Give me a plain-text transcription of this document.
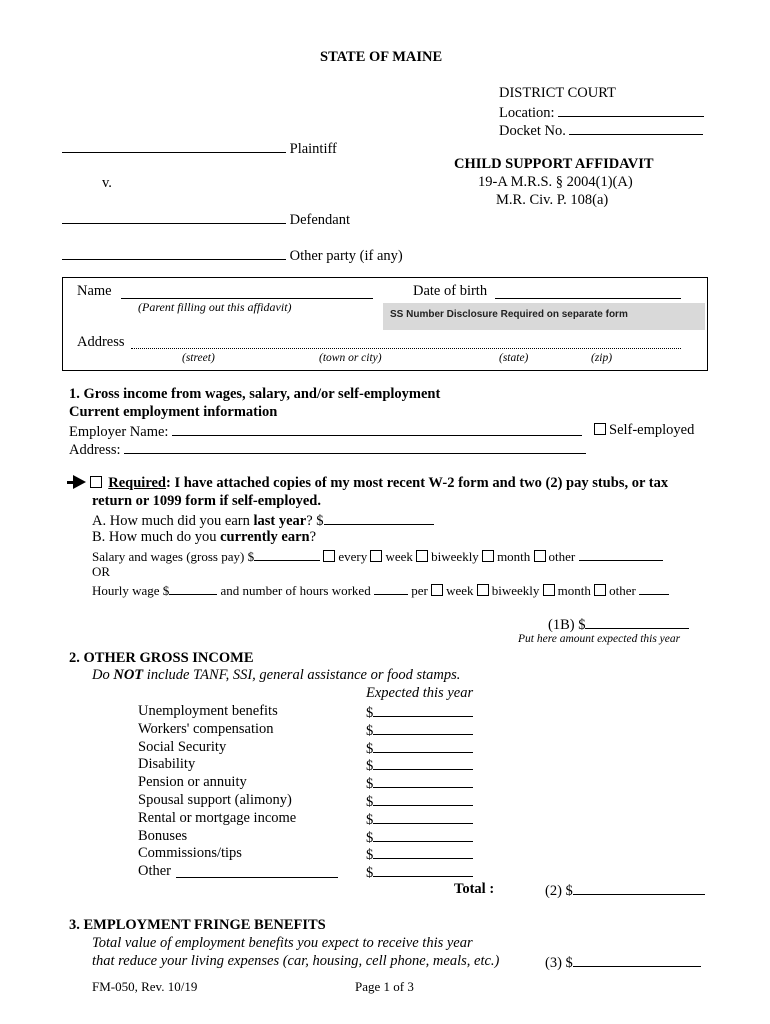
STATE OF MAINE
DISTRICT COURT
Location:
Docket No.
Plaintiff
CHILD SUPPORT AFFIDAVIT
v.	19-A M.R.S. § 2004(1)(A)
M.R. Civ. P. 108(a)
Defendant
Other party (if any)
Name
(Parent filling out this affidavit)
Date of birth
SS Number Disclosure Required on separate form
Address
(street)	(town or city)	(state)	(zip)
1. Gross income from wages, salary, and/or self-employment
Current employment information
Employer Name:	Self-employed
Address:
Required: I have attached copies of my most recent W-2 form and two (2) pay stubs, or tax
return or 1099 form if self-employed.
A. How much did you earn last year? $
B. How much do you currently earn?
Salary and wages (gross pay) $	every week biweekly month other
OR
Hourly wage $	and number of hours worked	per week biweekly month other
(1B) $
Put here amount expected this year
2. OTHER GROSS INCOME
Do NOT include TANF, SSI, general assistance or food stamps.
Expected this year
Unemployment benefits	$
Workers' compensation	$
Social Security	$
Disability	$
Pension or annuity	$
Spousal support (alimony)	$
Rental or mortgage income	$
Bonuses	$
Commissions/tips	$
Other	$
Total :	(2) $
3. EMPLOYMENT FRINGE BENEFITS
Total value of employment benefits you expect to receive this year
that reduce your living expenses (car, housing, cell phone, meals, etc.)	(3) $
FM-050, Rev. 10/19	Page 1 of 3
